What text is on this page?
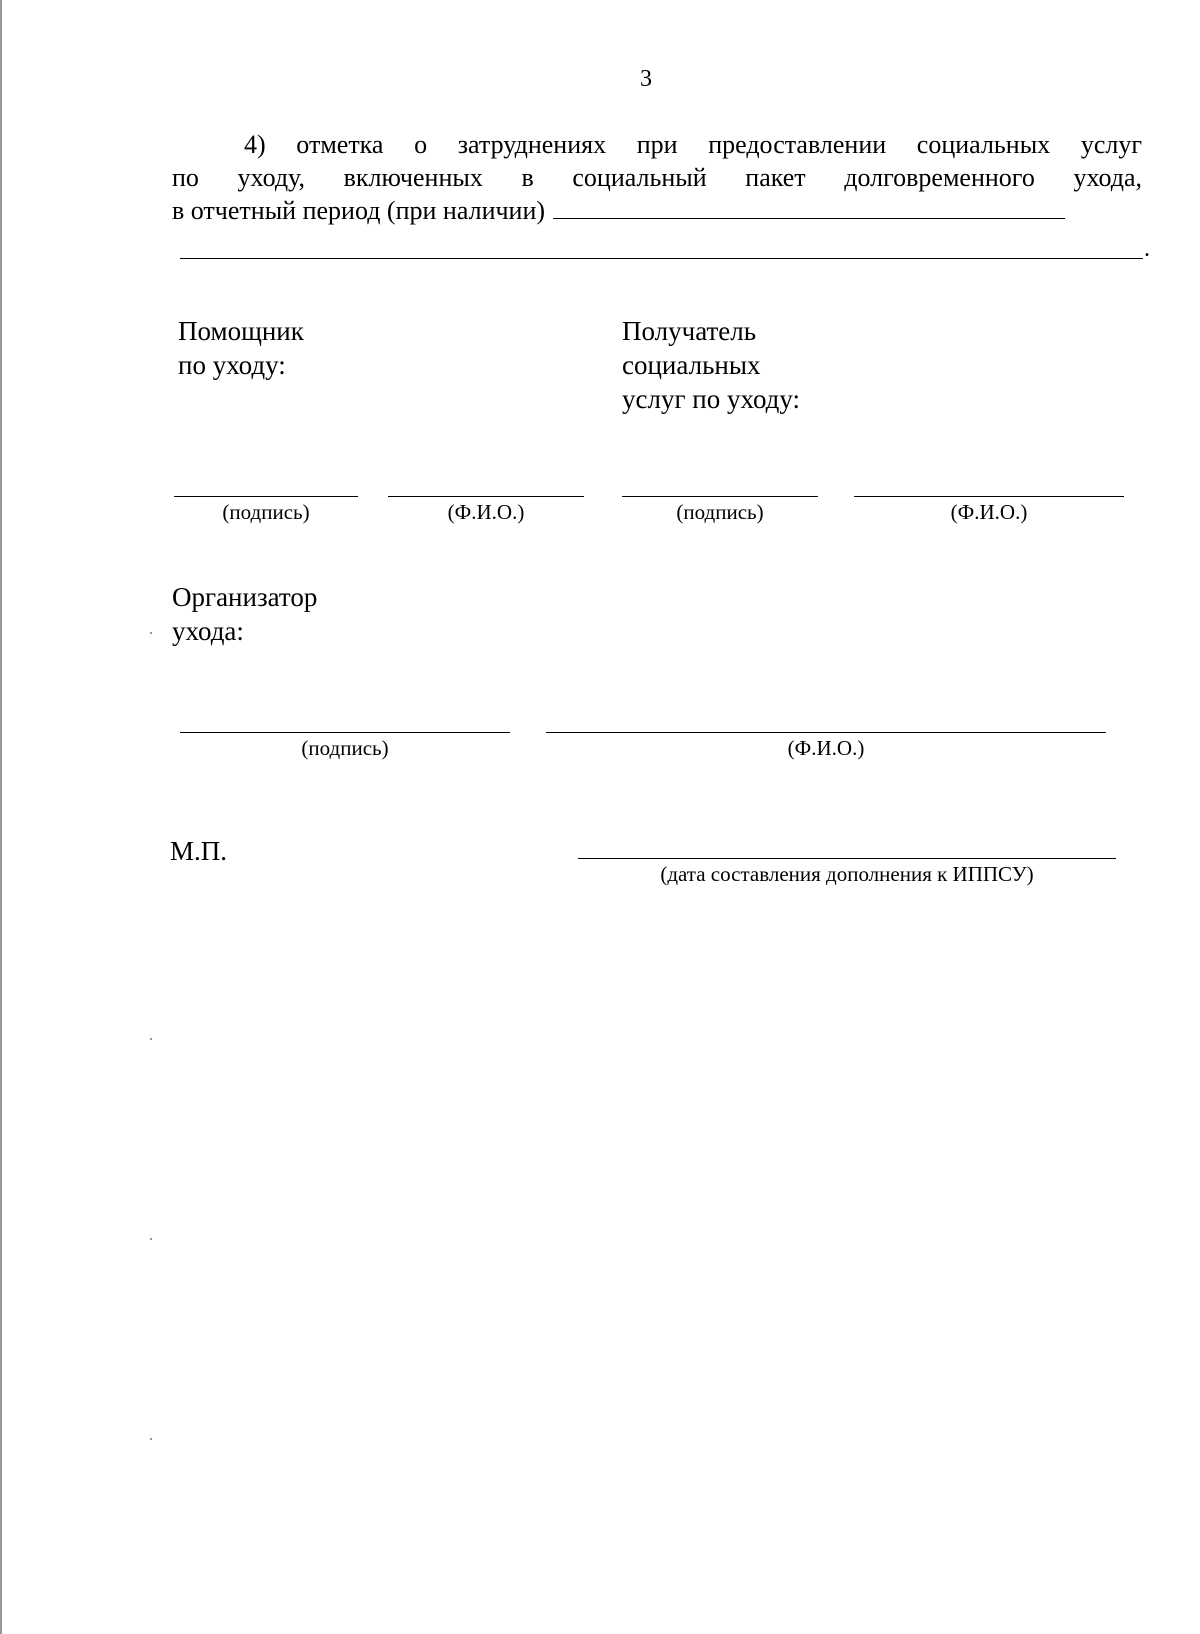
3
4) отметка о затруднениях при предоставлении социальных услуг
по уходу, включенных в социальный пакет долговременного ухода,
в отчетный период (при наличии)
.
Помощник
по уходу:
Получатель
социальных
услуг по уходу:
(подпись)	(Ф.И.О.)	(подпись)	(Ф.И.О.)
Организатор
ухода:
(подпись)	(Ф.И.О.)
М.П.
(дата составления дополнения к ИППСУ)
